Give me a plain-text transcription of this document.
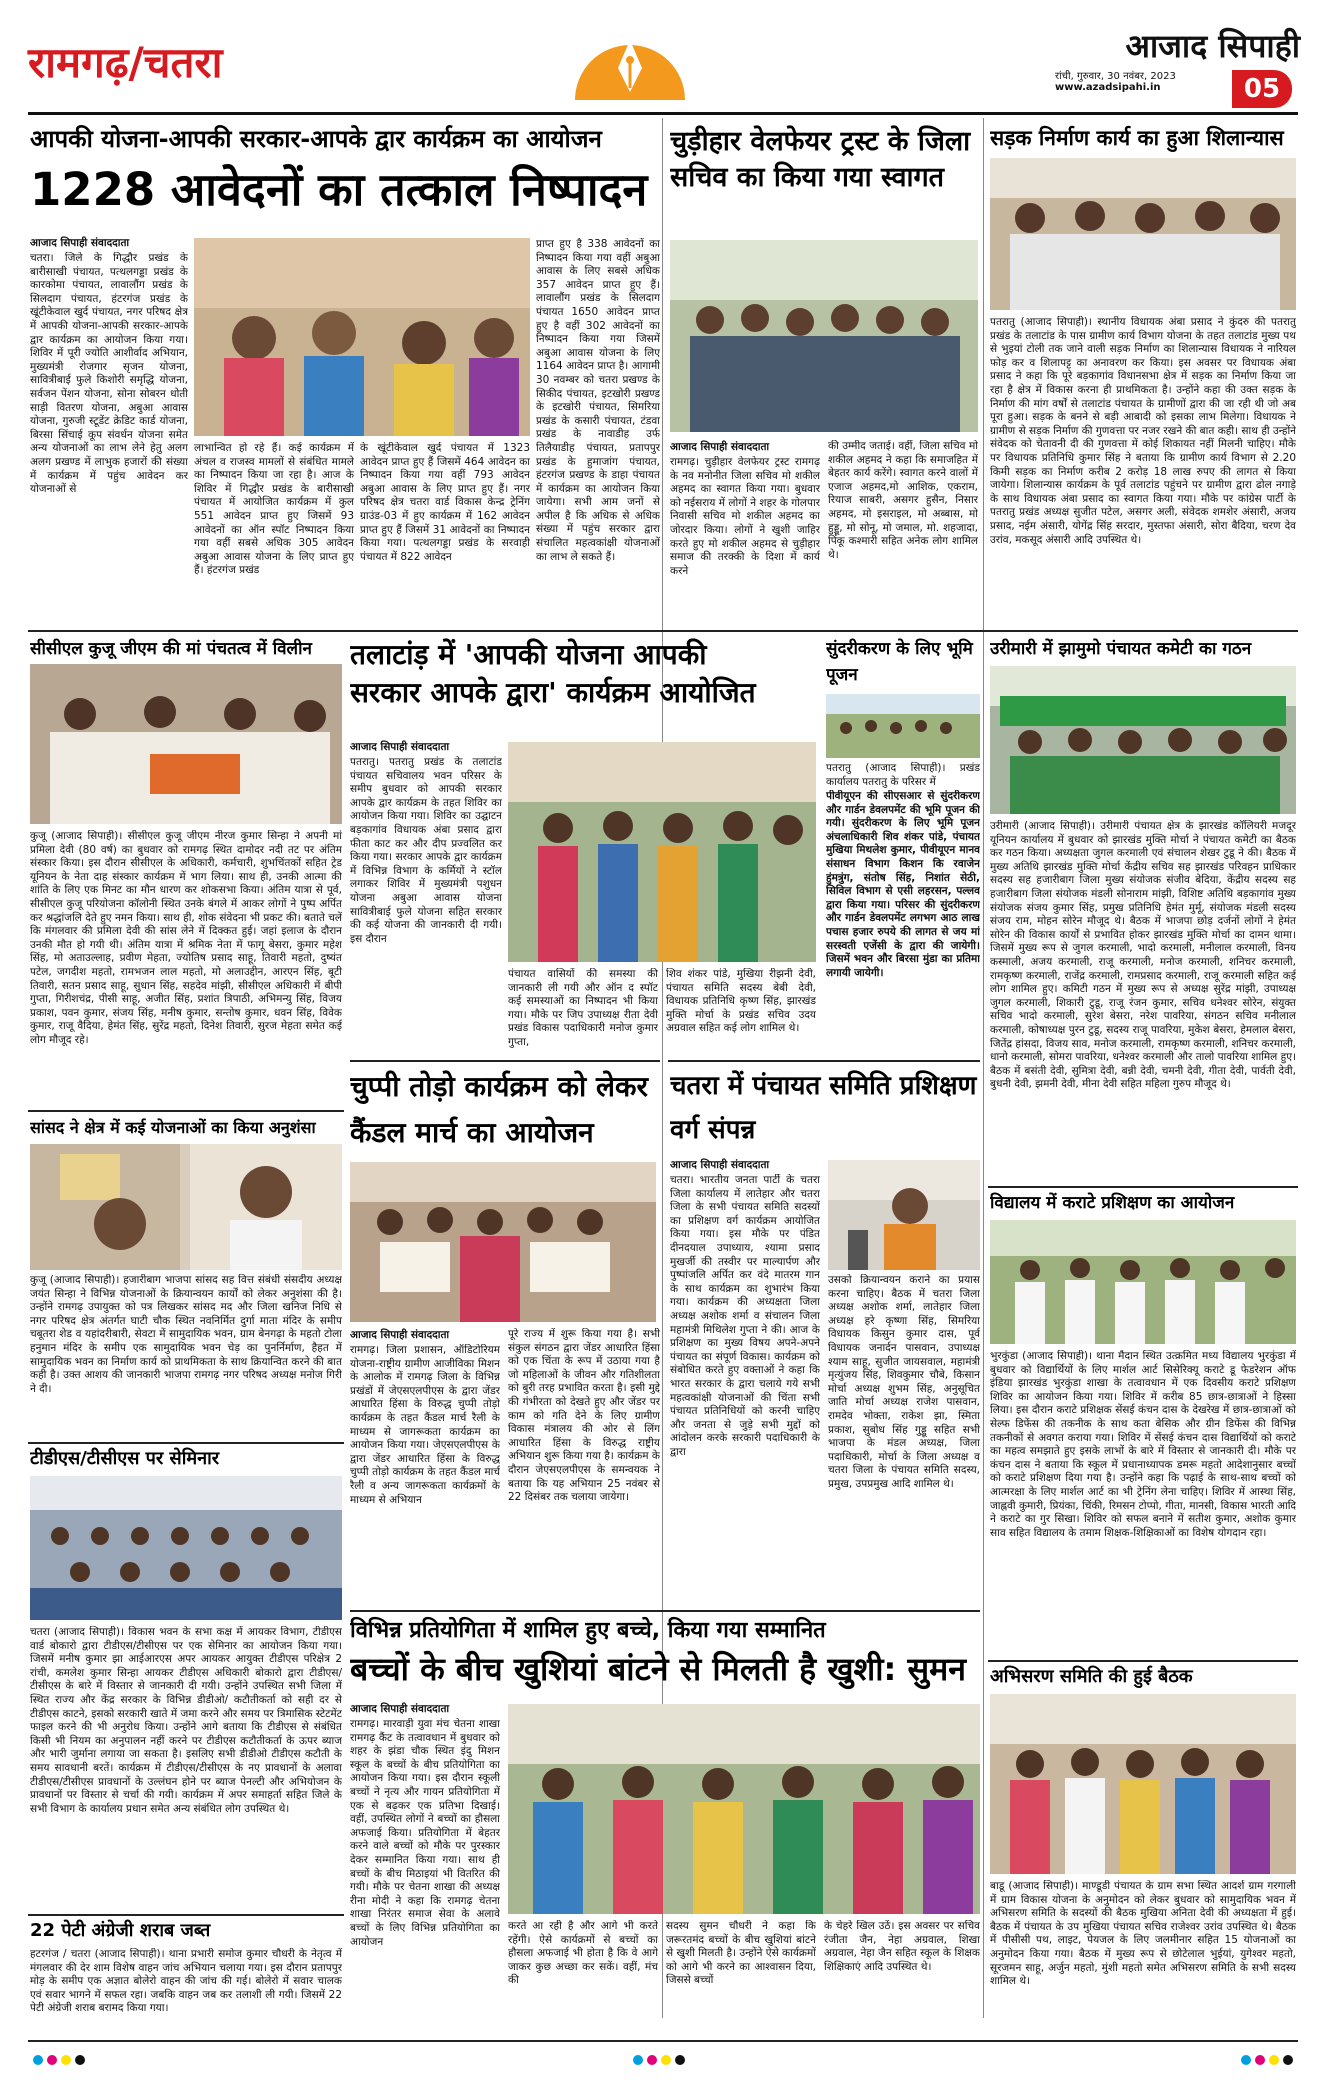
रामगढ़/चतरा	आजाद सिपाही
रांची, गुरुवार, 30 नवंबर, 2023
www.azadsipahi.in	05
आपकी योजना-आपकी सरकार-आपके द्वार कार्यक्रम का आयोजन
1228 आवेदनों का तत्काल निष्पादन
आजाद सिपाही संवाददाता
चतरा। जिले के गिद्धौर प्रखंड के बारीसाखी पंचायत, पत्थलगड्डा प्रखंड के कारकोमा पंचायत, लावालौंग प्रखंड के सिलदाग पंचायत, हंटरगंज प्रखंड के खूंटीकेवाल खुर्द पंचायत, नगर परिषद क्षेत्र में आपकी योजना-आपकी सरकार-आपके द्वार कार्यक्रम का आयोजन किया गया। शिविर में पूरी ज्योति आशीर्वाद अभियान, मुख्यमंत्री रोजगार सृजन योजना, सावित्रीबाई फुले किशोरी समृद्धि योजना, सर्वजन पेंशन योजना, सोना सोबरन धोती साड़ी वितरण योजना, अबुआ आवास योजना, गुरुजी स्टूडेंट क्रेडिट कार्ड योजना, बिरसा सिंचाई कूप संवर्धन योजना समेत अन्य योजनाओं का लाभ लेने हेतु अलग अलग प्रखण्ड में लाभुक हजारों की संख्या में कार्यक्रम में पहुंच आवेदन कर योजनाओं से
लाभान्वित हो रहे हैं। कई कार्यक्रम में अंचल व राजस्व मामलों से संबंधित मामले का निष्पादन किया जा रहा है। आज के शिविर में गिद्धौर प्रखंड के बारीसाखी पंचायत में आयोजित कार्यक्रम में कुल 551 आवेदन प्राप्त हुए जिसमें 93 आवेदनों का ऑन स्पॉट निष्पादन किया गया वहीं सबसे अधिक 305 आवेदन अबुआ आवास योजना के लिए प्राप्त हुए हैं। हंटरगंज प्रखंड
के खूंटीकेवाल खुर्द पंचायत में 1323 आवेदन प्राप्त हुए हैं जिसमें 464 आवेदन का निष्पादन किया गया वहीं 793 आवेदन अबुआ आवास के लिए प्राप्त हुए हैं। नगर परिषद क्षेत्र चतरा वार्ड विकास केन्द्र ट्रेनिंग ग्राउंड-03 में हुए कार्यक्रम में 162 आवेदन प्राप्त हुए हैं जिसमें 31 आवेदनों का निष्पादन किया गया। पत्थलगड्डा प्रखंड के सरवाही पंचायत में 822 आवेदन
प्राप्त हुए है 338 आवेदनों का निष्पादन किया गया वहीं अबुआ आवास के लिए सबसे अधिक 357 आवेदन प्राप्त हुए हैं। लावालौंग प्रखंड के सिलदाग पंचायत 1650 आवेदन प्राप्त हुए है वहीं 302 आवेदनों का निष्पादन किया गया जिसमें अबुआ आवास योजना के लिए 1164 आवेदन प्राप्त है। आगामी 30 नवम्बर को चतरा प्रखण्ड के सिकीद पंचायत, इटखोरी प्रखण्ड के इटखोरी पंचायत, सिमरिया प्रखंड के कसारी पंचायत, टंडवा प्रखंड के नावाडीह उर्फ तिलैयाडीह पंचायत, प्रतापपुर प्रखंड के हुमाजांग पंचायत, हंटरगंज प्रखण्ड के डाहा पंचायत में कार्यक्रम का आयोजन किया जायेगा। सभी आम जनों से अपील है कि अधिक से अधिक संख्या में पहुंच सरकार द्वारा संचालित महत्वकांक्षी योजनाओं का लाभ ले सकते हैं।
चुड़ीहार वेलफेयर ट्रस्ट के जिला सचिव का किया गया स्वागत
आजाद सिपाही संवाददाता
रामगढ़। चुड़ीहार वेलफेयर ट्रस्ट रामगढ़ के नव मनोनीत जिला सचिव मो शकील अहमद का स्वागत किया गया। बुधवार को नईसराय में लोगों ने शहर के गोलपार निवासी सचिव मो शकील अहमद का जोरदार किया। लोगों ने खुशी जाहिर करते हुए मो शकील अहमद से चुड़ीहार समाज की तरक्की के दिशा में कार्य करने
की उम्मीद जताई। वहीं, जिला सचिव मो शकील अहमद ने कहा कि समाजहित में बेहतर कार्य करेंगे। स्वागत करने वालों में एजाज अहमद,मो आशिक, एकराम, रियाज साबरी, असगर हुसैन, निसार अहमद, मो इसराइल, मो अब्बास, मो हुड्डू, मो सोनू, मो जमाल, मो. शहजादा, पिंकू कश्मारी सहित अनेक लोग शामिल थे।
सड़क निर्माण कार्य का हुआ शिलान्यास
पतरातु (आजाद सिपाही)। स्थानीय विधायक अंबा प्रसाद ने कुंदरु की पतरातु प्रखंड के तलाटांड के पास ग्रामीण कार्य विभाग योजना के तहत तलाटांड मुख्य पथ से भुइयां टोली तक जाने वाली सड़क निर्माण का शिलान्यास विधायक ने नारियल फोड़ कर व शिलापट्ट का अनावरण कर किया। इस अवसर पर विधायक अंबा प्रसाद ने कहा कि पूरे बड़कागांव विधानसभा क्षेत्र में सड़क का निर्माण किया जा रहा है क्षेत्र में विकास करना ही प्राथमिकता है। उन्होंने कहा की उक्त सड़क के निर्माण की मांग वर्षों से तलाटांड पंचायत के ग्रामीणों द्वारा की जा रही थी जो अब पूरा हुआ। सड़क के बनने से बड़ी आबादी को इसका लाभ मिलेगा। विधायक ने ग्रामीण से सड़क निर्माण की गुणवत्ता पर नजर रखने की बात कही। साथ ही उन्होंने संवेदक को चेतावनी दी की गुणवत्ता में कोई शिकायत नहीं मिलनी चाहिए। मौके पर विधायक प्रतिनिधि कुमार सिंह ने बताया कि ग्रामीण कार्य विभाग से 2.20 किमी सड़क का निर्माण करीब 2 करोड़ 18 लाख रुपए की लागत से किया जायेगा। शिलान्यास कार्यक्रम के पूर्व तलाटांड पहुंचने पर ग्रामीण द्वारा ढोल नगाड़े के साथ विधायक अंबा प्रसाद का स्वागत किया गया। मौके पर कांग्रेस पार्टी के पतरातु प्रखंड अध्यक्ष सुजीत पटेल, असगर अली, संवेदक शमशेर अंसारी, अजय प्रसाद, नईम अंसारी, योगेंद्र सिंह सरदार, मुस्तफा अंसारी, सोरा बैदिया, चरण देव उरांव, मकसूद अंसारी आदि उपस्थित थे।
सीसीएल कुजू जीएम की मां पंचतत्व में विलीन
कुजू (आजाद सिपाही)। सीसीएल कुजू जीएम नीरज कुमार सिन्हा ने अपनी मां प्रमिला देवी (80 वर्ष) का बुधवार को रामगढ़ स्थित दामोदर नदी तट पर अंतिम संस्कार किया। इस दौरान सीसीएल के अधिकारी, कर्मचारी, शुभचिंतकों सहित ट्रेड यूनियन के नेता दाह संस्कार कार्यक्रम में भाग लिया। साथ ही, उनकी आत्मा की शांति के लिए एक मिनट का मौन धारण कर शोकसभा किया। अंतिम यात्रा से पूर्व, सीसीएल कुजू परियोजना कॉलोनी स्थित उनके बंगले में आकर लोगों ने पुष्प अर्पित कर श्रद्धांजलि देते हुए नमन किया। साथ ही, शोक संवेदना भी प्रकट की। बताते चलें कि मंगलवार की प्रमिला देवी की सांस लेने में दिक्कत हुई। जहां इलाज के दौरान उनकी मौत हो गयी थी। अंतिम यात्रा में श्रमिक नेता में फागू बेसरा, कुमार महेश सिंह, मो अताउल्लाह, प्रवीण मेहता, ज्योतिष प्रसाद साहू, तिवारी महतो, दुष्यंत पटेल, जगदीश महतो, रामभजन लाल महतो, मो अलाउद्दीन, आरएन सिंह, बूटी तिवारी, सतन प्रसाद साहू, सुधान सिंह, सहदेव मांझी, सीसीएल अधिकारी में बीपी गुप्ता, गिरीशचंद्र, पीसी साहू, अजीत सिंह, प्रशांत त्रिपाठी, अभिमन्यु सिंह, विजय प्रकाश, पवन कुमार, संजय सिंह, मनीष कुमार, सन्तोष कुमार, धवन सिंह, विवेक कुमार, राजू वैदिया, हेमंत सिंह, सुरेंद्र महतो, दिनेश तिवारी, सुरज मेहता समेत कई लोग मौजूद रहे।
तलाटांड़ में 'आपकी योजना आपकी सरकार आपके द्वारा' कार्यक्रम आयोजित
आजाद सिपाही संवाददाता
पतरातु। पतरातु प्रखंड के तलाटांड पंचायत सचिवालय भवन परिसर के समीप बुधवार को आपकी सरकार आपके द्वार कार्यक्रम के तहत शिविर का आयोजन किया गया। शिविर का उद्घाटन बड़कागांव विधायक अंबा प्रसाद द्वारा फीता काट कर और दीप प्रज्वलित कर किया गया। सरकार आपके द्वार कार्यक्रम में विभिन्न विभाग के कर्मियों ने स्टॉल लगाकर शिविर में मुख्यमंत्री पशुधन योजना अबुआ आवास योजना सावित्रीबाई फुले योजना सहित सरकार की कई योजना की जानकारी दी गयी। इस दौरान
पंचायत वासियों की समस्या की जानकारी ली गयी और ऑन द स्पॉट कई समस्याओं का निष्पादन भी किया गया। मौके पर जिप उपाध्यक्ष रीता देवी प्रखंड विकास पदाधिकारी मनोज कुमार गुप्ता,
शिव शंकर पांडे, मुखिया रीझनी देवी, पंचायत समिति सदस्य बेबी देवी, विधायक प्रतिनिधि कृष्ण सिंह, झारखंड मुक्ति मोर्चा के प्रखंड सचिव उदय अग्रवाल सहित कई लोग शामिल थे।
सुंदरीकरण के लिए भूमि पूजन
पतरातु (आजाद सिपाही)। प्रखंड कार्यालय पतरातु के परिसर में
पीवीयूएन की सीएसआर से सुंदरीकरण और गार्डन डेवलपमेंट की भूमि पूजन की गयी। सुंदरीकरण के लिए भूमि पूजन अंचलाधिकारी शिव शंकर पांडे, पंचायत मुखिया मिथलेश कुमार, पीवीयूएन मानव संसाधन विभाग किशन कि रवाजेन हुंमत्रुंग, संतोष सिंह, निशांत सेठी, सिविल विभाग से एसी लहरसन, पल्लव द्वारा किया गया। परिसर की सुंदरीकरण और गार्डन डेवलपमेंट लगभग आठ लाख पचास हजार रुपये की लागत से जय मां सरस्वती एजेंसी के द्वारा की जायेगी। जिसमें भवन और बिरसा मुंडा का प्रतिमा लगायी जायेगी।
उरीमारी में झामुमो पंचायत कमेटी का गठन
उरीमारी (आजाद सिपाही)। उरीमारी पंचायत क्षेत्र के झारखंड कॉलियरी मजदूर यूनियन कार्यालय में बुधवार को झारखंड मुक्ति मोर्चा ने पंचायत कमेटी का बैठक कर गठन किया। अध्यक्षता जुगल करमाली एवं संचालन शेखर टुडू ने की। बैठक में मुख्य अतिथि झारखंड मुक्ति मोर्चा केंद्रीय सचिव सह झारखंड परिवहन प्राधिकार सदस्य सह हजारीबाग जिला मुख्य संयोजक संजीव बेदिया, केंद्रीय सदस्य सह हजारीबाग जिला संयोजक मंडली सोनाराम मांझी, विशिष्ट अतिथि बड़कागांव मुख्य संयोजक संजय कुमार सिंह, प्रमुख प्रतिनिधि हेमंत मुर्मू, संयोजक मंडली सदस्य संजय राम, मोहन सोरेन मौजूद थे। बैठक में भाजपा छोड़ दर्जनों लोगों ने हेमंत सोरेन की विकास कार्यों से प्रभावित होकर झारखंड मुक्ति मोर्चा का दामन थामा। जिसमें मुख्य रूप से जुगल करमाली, भादो करमाली, मनीलाल करमाली, विनय कस्माली, अजय करमाली, राजू करमाली, मनोज करमाली, शनिचर करमाली, रामकृष्ण करमाली, राजेंद्र करमाली, रामप्रसाद करमाली, राजू करमाली सहित कई लोग शामिल हुए। कमिटी गठन में मुख्य रूप से अध्यक्ष सुरेंद्र मांझी, उपाध्यक्ष जुगल करमाली, शिकारी टुडू, राजू रंजन कुमार, सचिव धनेश्वर सोरेन, संयुक्त सचिव भादो करमाली, सुरेश बेसरा, नरेश पावरिया, संगठन सचिव मनीलाल करमाली, कोषाध्यक्ष पुरन टुडू, सदस्य राजू पावरिया, मुकेश बेसरा, हेमलाल बेसरा, जितेंद्र हांसदा, विजय साव, मनोज करमाली, रामकृष्ण करमाली, शनिचर करमाली, धानो करमाली, सोमरा पावरिया, धनेश्वर करमाली और तालो पावरिया शामिल हुए। बैठक में बसंती देवी, सुमित्रा देवी, बन्नी देवी, चमनी देवी, गीता देवी, पार्वती देवी, बुधनी देवी, झमनी देवी, मीना देवी सहित महिला गुरुप मौजूद थे।
सांसद ने क्षेत्र में कई योजनाओं का किया अनुशंसा
कुजू (आजाद सिपाही)। हजारीबाग भाजपा सांसद सह वित्त संबंधी संसदीय अध्यक्ष जयंत सिन्हा ने विभिन्न योजनाओं के क्रियान्वयन कार्यों को लेकर अनुशंसा की है। उन्होंने रामगढ़ उपायुक्त को पत्र लिखकर सांसद मद और जिला खनिज निधि से नगर परिषद क्षेत्र अंतर्गत घाटी चौक स्थित नवनिर्मित दुर्गा माता मंदिर के समीप चबूतरा शेड व यहांदरीबारी, सेवटा में सामुदायिक भवन, ग्राम बेनगढ़ा के महतो टोला हनुमान मंदिर के समीप एक सामुदायिक भवन चेड़ का पुनर्निर्माण, हैहत में सामुदायिक भवन का निर्माण कार्य को प्राथमिकता के साथ क्रियान्वित करने की बात कही है। उक्त आशय की जानकारी भाजपा रामगढ़ नगर परिषद अध्यक्ष मनोज गिरी ने दी।
चुप्पी तोड़ो कार्यक्रम को लेकर कैंडल मार्च का आयोजन
आजाद सिपाही संवाददाता
रामगढ़। जिला प्रशासन, ऑडिटोरियम योजना-राष्ट्रीय ग्रामीण आजीविका मिशन के आलोक में रामगढ़ जिला के विभिन्न प्रखंडों में जेएसएलपीएस के द्वारा जेंडर आधारित हिंसा के विरुद्ध चुप्पी तोड़ो कार्यक्रम के तहत कैंडल मार्च रैली के माध्यम से जागरूकता कार्यक्रम का आयोजन किया गया। जेएसएलपीएस के द्वारा जेंडर आधारित हिंसा के विरुद्ध चुप्पी तोड़ो कार्यक्रम के तहत कैंडल मार्च रैली व अन्य जागरूकता कार्यक्रमों के माध्यम से अभियान
पूरे राज्य में शुरू किया गया है। सभी संकुल संगठन द्वारा जेंडर आधारित हिंसा को एक चिंता के रूप में उठाया गया है जो महिलाओं के जीवन और गतिशीलता को बुरी तरह प्रभावित करता है। इसी मुद्दे की गंभीरता को देखते हुए और जेंडर पर काम को गति देने के लिए ग्रामीण विकास मंत्रालय की ओर से लिंग आधारित हिंसा के विरुद्ध राष्ट्रीय अभियान शुरू किया गया है। कार्यक्रम के दौरान जेएसएलपीएस के समन्वयक ने बताया कि यह अभियान 25 नवंबर से 22 दिसंबर तक चलाया जायेगा।
चतरा में पंचायत समिति प्रशिक्षण वर्ग संपन्न
आजाद सिपाही संवाददाता
चतरा। भारतीय जनता पार्टी के चतरा जिला कार्यालय में लातेहार और चतरा जिला के सभी पंचायत समिति सदस्यों का प्रशिक्षण वर्ग कार्यक्रम आयोजित किया गया। इस मौके पर पंडित दीनदयाल उपाध्याय, श्यामा प्रसाद मुखर्जी की तस्वीर पर माल्यार्पण और पुष्पांजलि अर्पित कर वंदे मातरम गान के साथ कार्यक्रम का शुभारंभ किया गया। कार्यक्रम की अध्यक्षता जिला अध्यक्ष अशोक शर्मा व संचालन जिला महामंत्री मिथिलेश गुप्ता ने की। आज के प्रशिक्षण का मुख्य विषय अपने-अपने पंचायत का संपूर्ण विकास। कार्यक्रम को संबोधित करते हुए वक्ताओं ने कहा कि भारत सरकार के द्वारा चलाये गये सभी महत्वकांक्षी योजनाओं की चिंता सभी पंचायत प्रतिनिधियों को करनी चाहिए और जनता से जुड़े सभी मुद्दों को आंदोलन करके सरकारी पदाधिकारी के द्वारा
उसको क्रियान्वयन कराने का प्रयास करना चाहिए। बैठक में चतरा जिला अध्यक्ष अशोक शर्मा, लातेहार जिला अध्यक्ष हरे कृष्णा सिंह, सिमरिया विधायक किसुन कुमार दास, पूर्व विधायक जनार्दन पासवान, उपाध्यक्ष श्याम साहू, सुजीत जायसवाल, महामंत्री मृत्युंजय सिंह, शिवकुमार चौबे, किसान मोर्चा अध्यक्ष शुभम सिंह, अनुसूचित जाति मोर्चा अध्यक्ष राजेश पासवान, रामदेव भोक्ता, राकेश झा, स्मिता प्रकाश, सुबोध सिंह गुड्डू सहित सभी भाजपा के मंडल अध्यक्ष, जिला पदाधिकारी, मोर्चा के जिला अध्यक्ष व चतरा जिला के पंचायत समिति सदस्य, प्रमुख, उपप्रमुख आदि शामिल थे।
विद्यालय में कराटे प्रशिक्षण का आयोजन
भुरकुंडा (आजाद सिपाही)। थाना मैदान स्थित उत्क्रमित मध्य विद्यालय भुरकुंडा में बुधवार को विद्यार्थियों के लिए मार्शल आर्ट सिसेरिक्यू कराटे डू फेडरेशन ऑफ इंडिया झारखंड भुरकुंडा शाखा के तत्वावधान में एक दिवसीय कराटे प्रशिक्षण शिविर का आयोजन किया गया। शिविर में करीब 85 छात्र-छात्राओं ने हिस्सा लिया। इस दौरान कराटे प्रशिक्षक सेंसई कंचन दास के देखरेख में छात्र-छात्राओं को सेल्फ डिफेंस की तकनीक के साथ कता बेसिक और ग्रीन डिफेंस की विभिन्न तकनीकों से अवगत कराया गया। शिविर में सेंसई कंचन दास विद्यार्थियों को कराटे का महत्व समझाते हुए इसके लाभों के बारे में विस्तार से जानकारी दी। मौके पर कंचन दास ने बताया कि स्कूल में प्रधानाध्यापक डमरू महतो आदेशानुसार बच्चों को कराटे प्रशिक्षण दिया गया है। उन्होंने कहा कि पढ़ाई के साथ-साथ बच्चों को आत्मरक्षा के लिए मार्शल आर्ट का भी ट्रेनिंग लेना चाहिए। शिविर में आस्था सिंह, जाह्नवी कुमारी, प्रियंका, चिंकी, रिमसन टोप्पो, गीता, मानसी, विकास भारती आदि ने कराटे का गुर सिखा। शिविर को सफल बनाने में सतीश कुमार, अशोक कुमार साव सहित विद्यालय के तमाम शिक्षक-शिक्षिकाओं का विशेष योगदान रहा।
टीडीएस/टीसीएस पर सेमिनार
चतरा (आजाद सिपाही)। विकास भवन के सभा कक्ष में आयकर विभाग, टीडीएस वार्ड बोकारो द्वारा टीडीएस/टीसीएस पर एक सेमिनार का आयोजन किया गया। जिसमें मनीष कुमार झा आईआरएस अपर आयकर आयुक्त टीडीएस परिक्षेत्र 2 रांची, कमलेश कुमार सिन्हा आयकर टीडीएस अधिकारी बोकारो द्वारा टीडीएस/टीसीएस के बारे में विस्तार से जानकारी दी गयी। उन्होंने उपस्थित सभी जिला में स्थित राज्य और केंद्र सरकार के विभिन्न डीडीओ/ कटौतीकर्ता को सही दर से टीडीएस काटने, इसको सरकारी खाते में जमा करने और समय पर त्रिमासिक स्टेटमेंट फाइल करने की भी अनुरोध किया। उन्होंने आगे बताया कि टीडीएस से संबंधित किसी भी नियम का अनुपालन नहीं करने पर टीडीएस कटौतीकर्ता के ऊपर ब्याज और भारी जुर्माना लगाया जा सकता है। इसलिए सभी डीडीओ टीडीएस कटौती के समय सावधानी बरतें। कार्यक्रम में टीडीएस/टीसीएस के नए प्रावधानों के अलावा टीडीएस/टीसीएस प्रावधानों के उल्लंघन होने पर ब्याज पेनल्टी और अभियोजन के प्रावधानों पर विस्तार से चर्चा की गयी। कार्यक्रम में अपर समाहर्ता सहित जिले के सभी विभाग के कार्यालय प्रधान समेत अन्य संबंधित लोग उपस्थित थे।
विभिन्न प्रतियोगिता में शामिल हुए बच्चे, किया गया सम्मानित
बच्चों के बीच खुशियां बांटने से मिलती है खुशी: सुमन
आजाद सिपाही संवाददाता
रामगढ़। मारवाड़ी युवा मंच चेतना शाखा रामगढ़ कैंट के तत्वावधान में बुधवार को शहर के झंडा चौक स्थित इंदु मिशन स्कूल के बच्चों के बीच प्रतियोगिता का आयोजन किया गया। इस दौरान स्कूली बच्चों ने नृत्य और गायन प्रतियोगिता में एक से बढ़कर एक प्रतिभा दिखाई। वहीं, उपस्थित लोगों ने बच्चों का हौसला अफजाई किया। प्रतियोगिता में बेहतर करने वाले बच्चों को मौके पर पुरस्कार देकर सम्मानित किया गया। साथ ही बच्चों के बीच मिठाइयां भी वितरित की गयी। मौके पर चेतना शाखा की अध्यक्ष रीना मोदी ने कहा कि रामगढ़ चेतना शाखा निरंतर समाज सेवा के अलावे बच्चों के लिए विभिन्न प्रतियोगिता का आयोजन
करते आ रही है और आगे भी करते रहेंगी। ऐसे कार्यक्रमों से बच्चों का हौसला अफजाई भी होता है कि वे आगे जाकर कुछ अच्छा कर सकें। वहीं, मंच की
सदस्य सुमन चौधरी ने कहा कि जरूरतमंद बच्चों के बीच खुशियां बांटने से खुशी मिलती है। उन्होंने ऐसे कार्यक्रमों को आगे भी करने का आश्वासन दिया, जिससे बच्चों
के चेहरे खिल उठें। इस अवसर पर सचिव रंजीता जैन, नेहा अग्रवाल, शिखा अग्रवाल, नेहा जैन सहित स्कूल के शिक्षक शिक्षिकाएं आदि उपस्थित थे।
22 पेटी अंग्रेजी शराब जब्त
हटरगंज / चतरा (आजाद सिपाही)। थाना प्रभारी समोज कुमार चौधरी के नेतृत्व में मंगलवार की देर शाम विशेष वाहन जांच अभियान चलाया गया। इस दौरान प्रतापपुर मोड़ के समीप एक अज्ञात बोलेरो वाहन की जांच की गई। बोलेरो में सवार चालक एवं सवार भागने में सफल रहा। जबकि वाहन जब कर तलाशी ली गयी। जिसमें 22 पेटी अंग्रेजी शराब बरामद किया गया।
अभिसरण समिति की हुई बैठक
बाडू (आजाद सिपाही)। माण्डूडी पंचायत के ग्राम सभा स्थित आदर्श ग्राम गरगाली में ग्राम विकास योजना के अनुमोदन को लेकर बुधवार को सामुदायिक भवन में अभिसरण समिति के सदस्यों की बैठक मुखिया अनिता देवी की अध्यक्षता में हुई। बैठक में पंचायत के उप मुखिया पंचायत सचिव राजेश्वर उरांव उपस्थित थे। बैठक में पीसीसी पथ, लाइट, पेयजल के लिए जलमीनार सहित 15 योजनाओं का अनुमोदन किया गया। बैठक में मुख्य रूप से छोटेलाल भुईयां, युगेश्वर महतो, सूरजमन साहू, अर्जुन महतो, मुंशी महतो समेत अभिसरण समिति के सभी सदस्य शामिल थे।
